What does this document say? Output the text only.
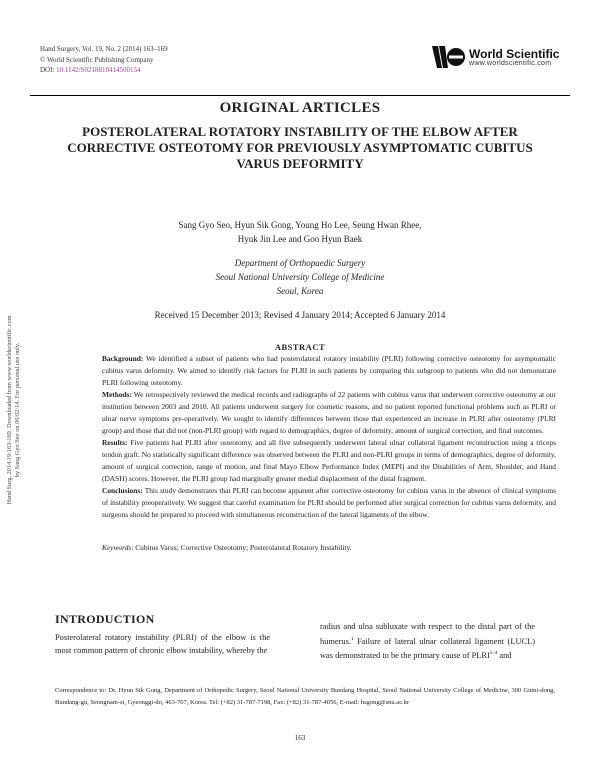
Hand Surgery, Vol. 19, No. 2 (2014) 163–169
© World Scientific Publishing Company
DOI: 10.1142/S0218810414500154
World Scientific
www.worldscientific.com
Hand Surg. 2014.19:163-169. Downloaded from www.worldscientific.com by Sang Gyo Seo on 06/02/14. For personal use only.
ORIGINAL ARTICLES
POSTEROLATERAL ROTATORY INSTABILITY OF THE ELBOW AFTER CORRECTIVE OSTEOTOMY FOR PREVIOUSLY ASYMPTOMATIC CUBITUS VARUS DEFORMITY
Sang Gyo Seo, Hyun Sik Gong, Young Ho Lee, Seung Hwan Rhee,
Hyuk Jin Lee and Goo Hyun Baek
Department of Orthopaedic Surgery
Seoul National University College of Medicine
Seoul, Korea
Received 15 December 2013; Revised 4 January 2014; Accepted 6 January 2014
ABSTRACT

Background: We identified a subset of patients who had posterolateral rotatory instability (PLRI) following corrective osteotomy for asymptomatic cubitus varus deformity. We aimed to identify risk factors for PLRI in such patients by comparing this subgroup to patients who did not demonstrate PLRI following osteotomy.

Methods: We retrospectively reviewed the medical records and radiographs of 22 patients with cubitus varus that underwent corrective osteotomy at our institution between 2003 and 2010. All patients underwent surgery for cosmetic reasons, and no patient reported functional problems such as PLRI or ulnar nerve symptoms pre-operatively. We sought to identify differences between those that experienced an increase in PLRI after osteotomy (PLRI group) and those that did not (non-PLRI group) with regard to demographics, degree of deformity, amount of surgical correction, and final outcomes.

Results: Five patients had PLRI after osteotomy, and all five subsequently underwent lateral ulnar collateral ligament reconstruction using a triceps tendon graft. No statistically significant difference was observed between the PLRI and non-PLRI groups in terms of demographics, degree of deformity, amount of surgical correction, range of motion, and final Mayo Elbow Performance Index (MEPI) and the Disabilities of Arm, Shoulder, and Hand (DASH) scores. However, the PLRI group had marginally greater medial displacement of the distal fragment.

Conclusions: This study demonstrates that PLRI can become apparent after corrective osteotomy for cubitus varus in the absence of clinical symptoms of instability preoperatively. We suggest that careful examination for PLRI should be performed after surgical correction for cubitus varus deformity, and surgeons should be prepared to proceed with simultaneous reconstruction of the lateral ligaments of the elbow.

Keywords: Cubitus Varus; Corrective Osteotomy; Posterolateral Rotatory Instability.
INTRODUCTION
Posterolateral rotatory instability (PLRI) of the elbow is the most common pattern of chronic elbow instability, whereby the
radius and ulna subluxate with respect to the distal part of the humerus.$^1$ Failure of lateral ulnar collateral ligament (LUCL) was demonstrated to be the primary cause of PLRI$^{2-4}$ and
Correspondence to: Dr. Hyun Sik Gong, Department of Orthopedic Surgery, Seoul National University Bundang Hospital, Seoul National University College of Medicine, 300 Gumi-dong, Bundang-gu, Seongnam-si, Gyeonggi-do, 463-707, Korea. Tel: (+82) 31-787-7198, Fax: (+82) 31-787-4056, E-mail: hsgong@snu.ac.kr
163
